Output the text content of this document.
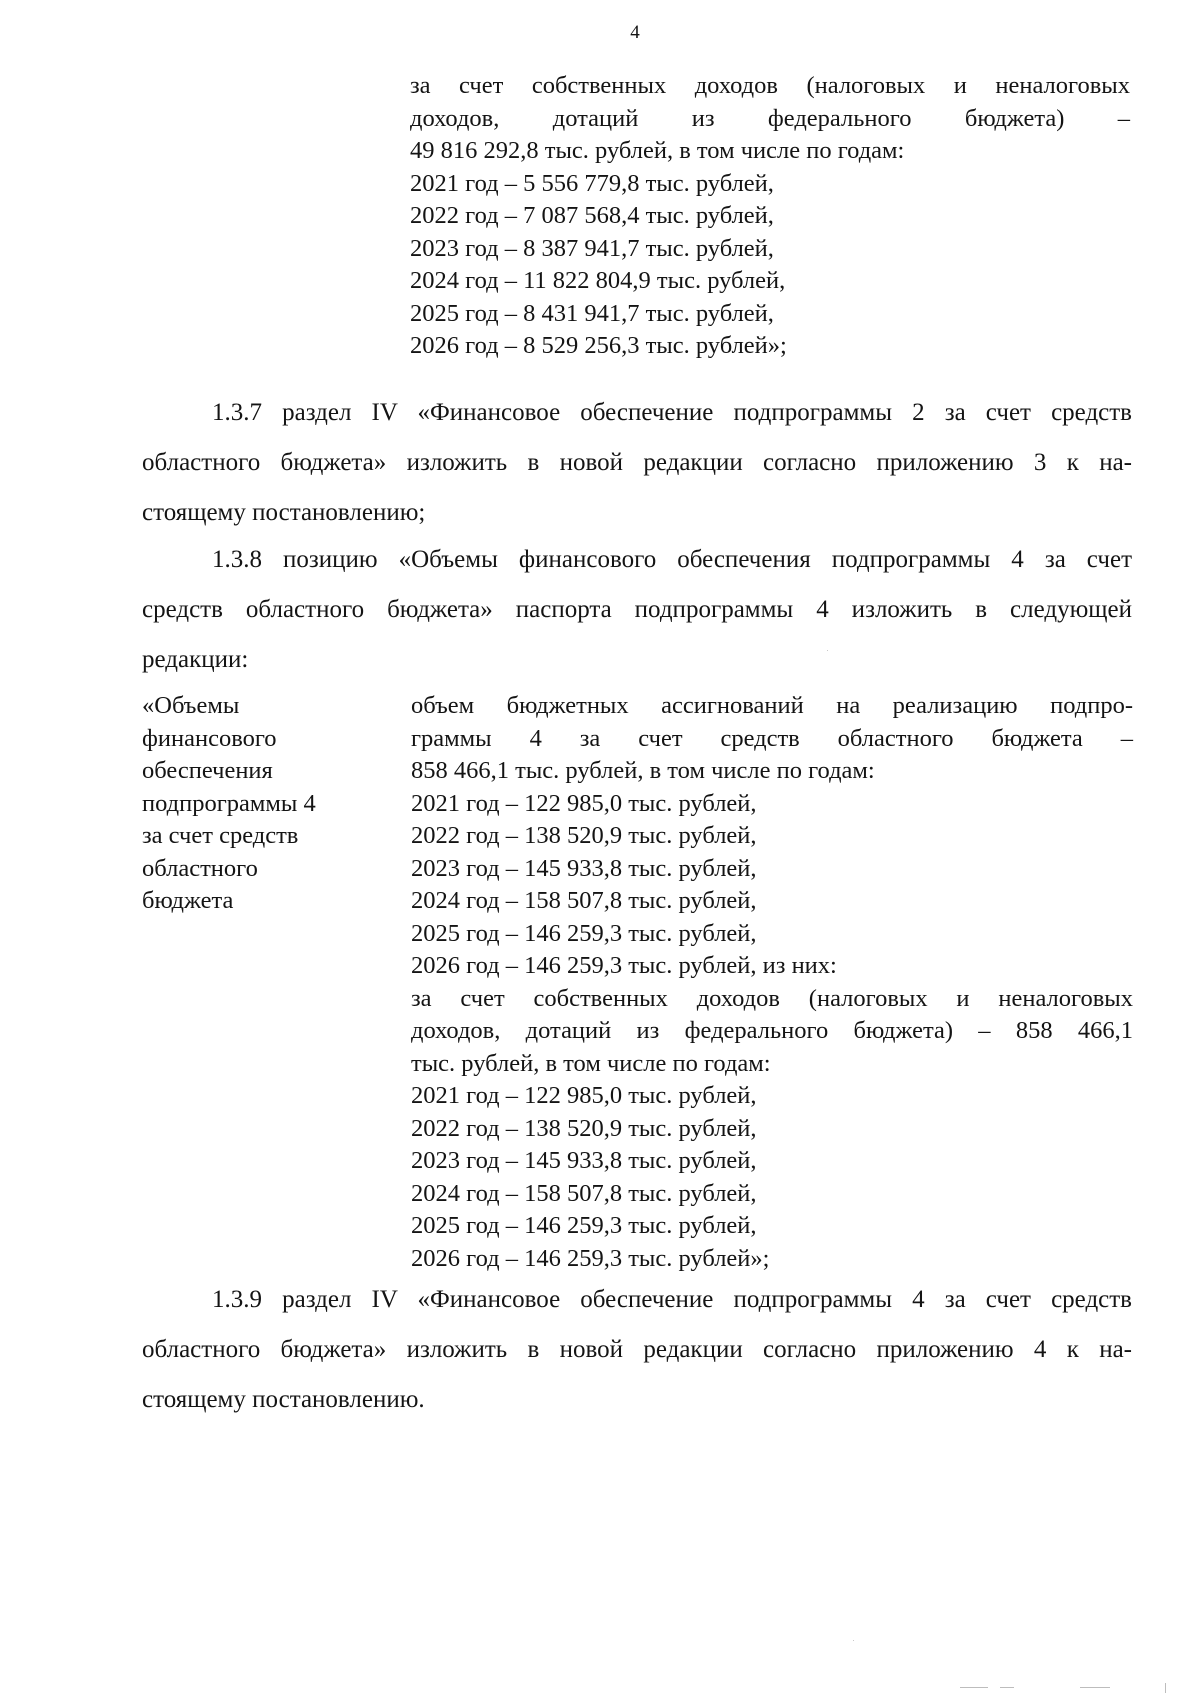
4
за счет собственных доходов (налоговых и неналоговых
доходов, дотаций из федерального бюджета) –
49 816 292,8 тыс. рублей, в том числе по годам:
2021 год – 5 556 779,8 тыс. рублей,
2022 год – 7 087 568,4 тыс. рублей,
2023 год – 8 387 941,7 тыс. рублей,
2024 год – 11 822 804,9 тыс. рублей,
2025 год – 8 431 941,7 тыс. рублей,
2026 год – 8 529 256,3 тыс. рублей»;
1.3.7 раздел IV «Финансовое обеспечение подпрограммы 2 за счет средств
областного бюджета» изложить в новой редакции согласно приложению 3 к на-
стоящему постановлению;
1.3.8 позицию «Объемы финансового обеспечения подпрограммы 4 за счет
средств областного бюджета» паспорта подпрограммы 4 изложить в следующей
редакции:
«Объемы
финансового
обеспечения
подпрограммы 4
за счет средств
областного
бюджета
объем бюджетных ассигнований на реализацию подпро-
граммы 4 за счет средств областного бюджета –
858 466,1 тыс. рублей, в том числе по годам:
2021 год – 122 985,0 тыс. рублей,
2022 год – 138 520,9 тыс. рублей,
2023 год – 145 933,8 тыс. рублей,
2024 год – 158 507,8 тыс. рублей,
2025 год – 146 259,3 тыс. рублей,
2026 год – 146 259,3 тыс. рублей, из них:
за счет собственных доходов (налоговых и неналоговых
доходов, дотаций из федерального бюджета) – 858 466,1
тыс. рублей, в том числе по годам:
2021 год – 122 985,0 тыс. рублей,
2022 год – 138 520,9 тыс. рублей,
2023 год – 145 933,8 тыс. рублей,
2024 год – 158 507,8 тыс. рублей,
2025 год – 146 259,3 тыс. рублей,
2026 год – 146 259,3 тыс. рублей»;
1.3.9 раздел IV «Финансовое обеспечение подпрограммы 4 за счет средств
областного бюджета» изложить в новой редакции согласно приложению 4 к на-
стоящему постановлению.
